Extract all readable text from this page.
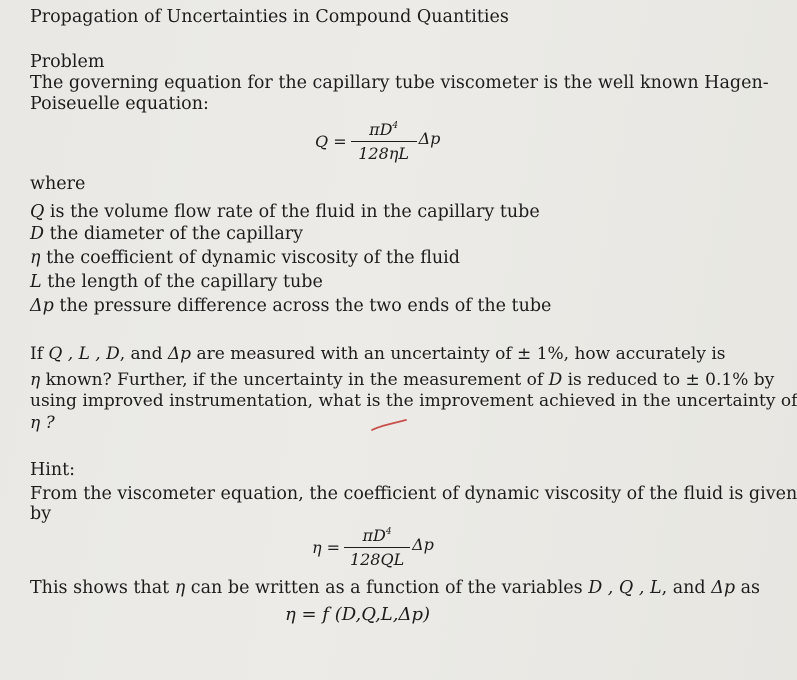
Propagation of Uncertainties in Compound Quantities
Problem
The governing equation for the capillary tube viscometer is the well known Hagen-
Poiseuelle equation:
$Q = \frac{\pi D^4}{128\eta L}$ Δp
where
Q is the volume flow rate of the fluid in the capillary tube
D the diameter of the capillary
η the coefficient of dynamic viscosity of the fluid
L the length of the capillary tube
Δp the pressure difference across the two ends of the tube
If Q , L , D, and Δp are measured with an uncertainty of ± 1%, how accurately is
η known? Further, if the uncertainty in the measurement of D is reduced to ± 0.1% by
using improved instrumentation, what is the improvement achieved in the uncertainty of
η ?
Hint:
From the viscometer equation, the coefficient of dynamic viscosity of the fluid is given
by
$\eta = \frac{\pi D^4}{128QL}$ Δp
This shows that η can be written as a function of the variables D , Q , L, and Δp as
η = f (D,Q,L,Δp)
